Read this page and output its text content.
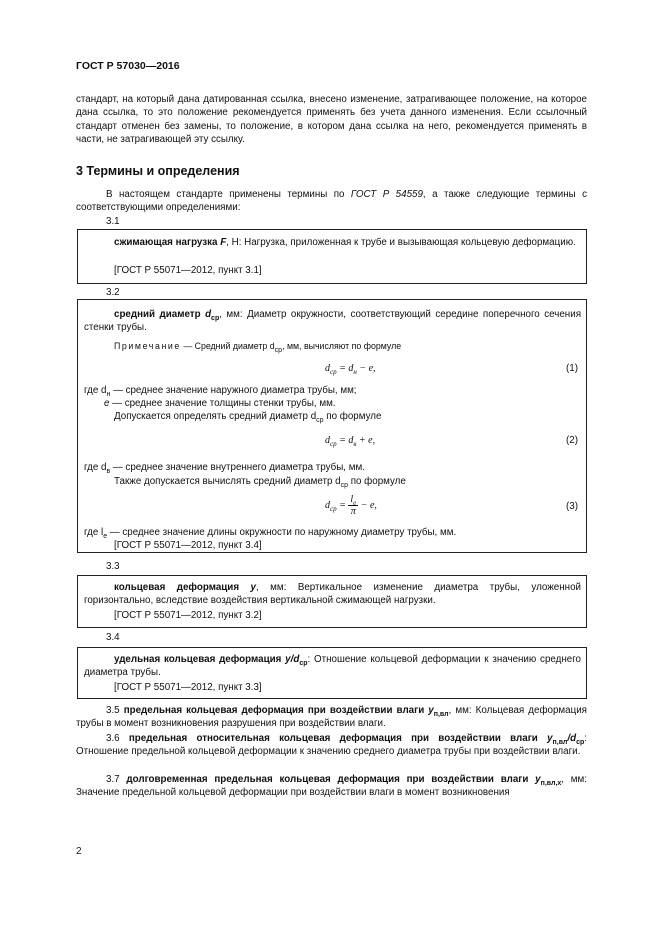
ГОСТ Р 57030—2016
стандарт, на который дана датированная ссылка, внесено изменение, затрагивающее положение, на которое дана ссылка, то это положение рекомендуется применять без учета данного изменения. Если ссылочный стандарт отменен без замены, то положение, в котором дана ссылка на него, рекомендуется применять в части, не затрагивающей эту ссылку.
3 Термины и определения
В настоящем стандарте применены термины по ГОСТ Р 54559, а также следующие термины с соответствующими определениями:
3.1
сжимающая нагрузка F, Н: Нагрузка, приложенная к трубе и вызывающая кольцевую деформацию.
[ГОСТ Р 55071—2012, пункт 3.1]
3.2
средний диаметр $d_{ср}$, мм: Диаметр окружности, соответствующий середине поперечного сечения стенки трубы.
Примечание — Средний диаметр $d_{ср}$, мм, вычисляют по формуле
$d_{ср} = d_н - e$,	(1)
где $d_н$ — среднее значение наружного диаметра трубы, мм;
e — среднее значение толщины стенки трубы, мм.
Допускается определять средний диаметр $d_{ср}$ по формуле
$d_{ср} = d_в + e$,	(2)
где $d_в$ — среднее значение внутреннего диаметра трубы, мм.
Также допускается вычислять средний диаметр $d_{ср}$ по формуле
$d_{ср} = \frac{l_e}{\pi} - e$,	(3)
где $l_e$ — среднее значение длины окружности по наружному диаметру трубы, мм.
[ГОСТ Р 55071—2012, пункт 3.4]
3.3
кольцевая деформация y, мм: Вертикальное изменение диаметра трубы, уложенной горизонтально, вследствие воздействия вертикальной сжимающей нагрузки.
[ГОСТ Р 55071—2012, пункт 3.2]
3.4
удельная кольцевая деформация $y/d_{ср}$: Отношение кольцевой деформации к значению среднего диаметра трубы.
[ГОСТ Р 55071—2012, пункт 3.3]
3.5 предельная кольцевая деформация при воздействии влаги $y_{п,вл}$, мм: Кольцевая деформация трубы в момент возникновения разрушения при воздействии влаги.
3.6 предельная относительная кольцевая деформация при воздействии влаги $y_{п,вл}/d_{ср}$: Отношение предельной кольцевой деформации к значению среднего диаметра трубы при воздействии влаги.
3.7 долговременная предельная кольцевая деформация при воздействии влаги $y_{п,вл,x}$, мм: Значение предельной кольцевой деформации при воздействии влаги в момент возникновения
2
